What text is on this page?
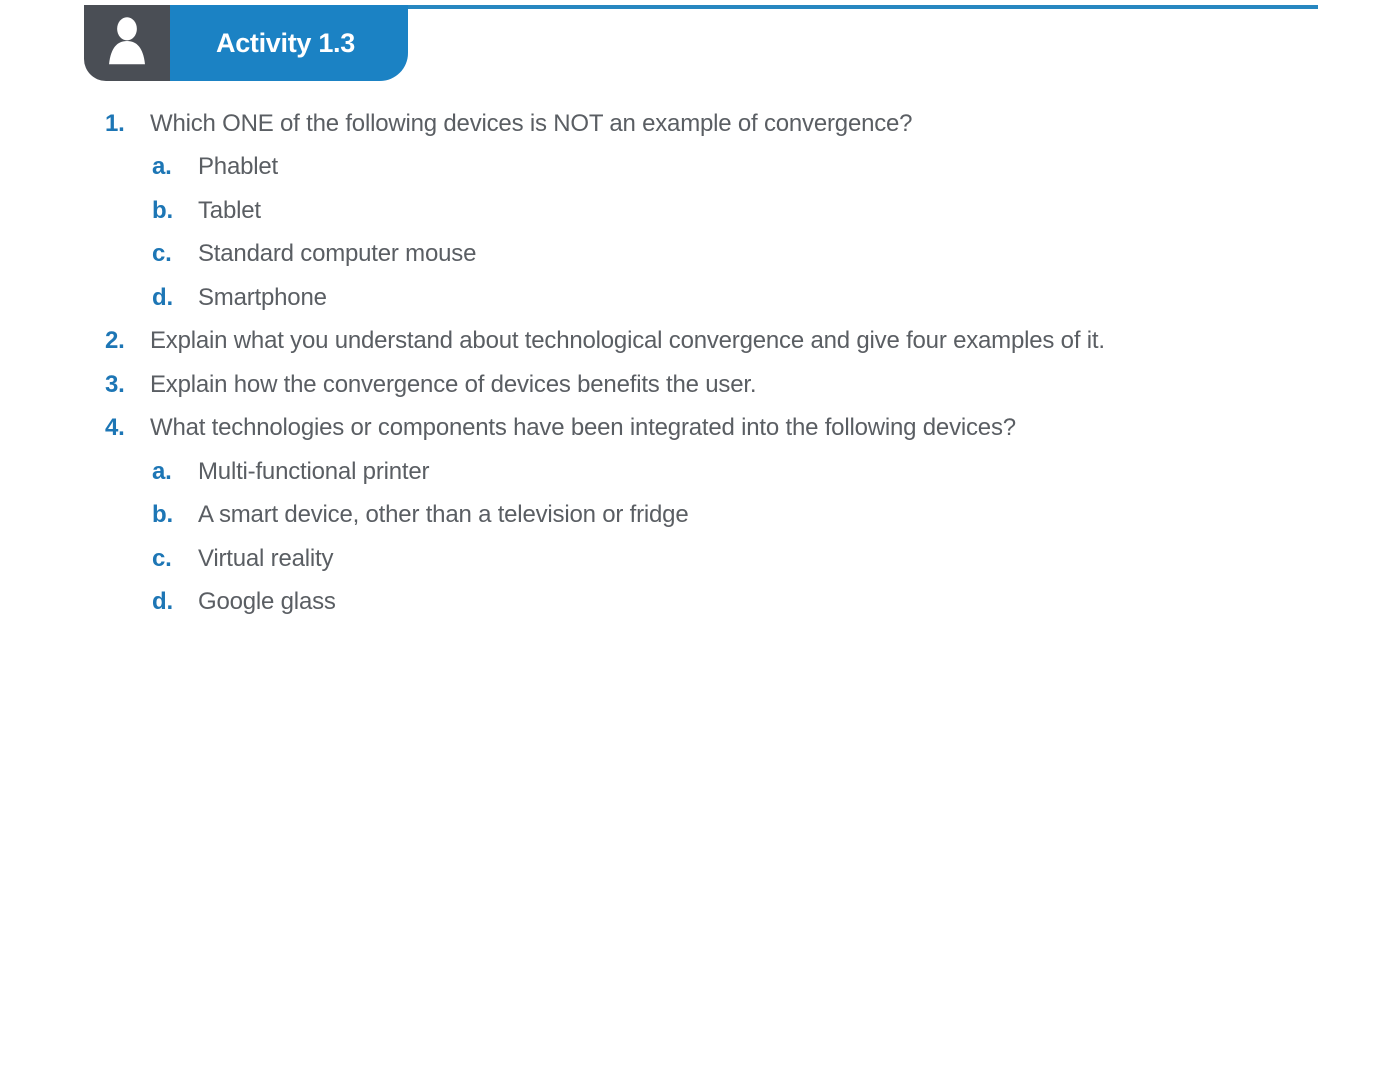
Activity 1.3
1.	Which ONE of the following devices is NOT an example of convergence?
a.	Phablet
b.	Tablet
c.	Standard computer mouse
d.	Smartphone
2.	Explain what you understand about technological convergence and give four examples of it.
3.	Explain how the convergence of devices benefits the user.
4.	What technologies or components have been integrated into the following devices?
a.	Multi-functional printer
b.	A smart device, other than a television or fridge
c.	Virtual reality
d.	Google glass
